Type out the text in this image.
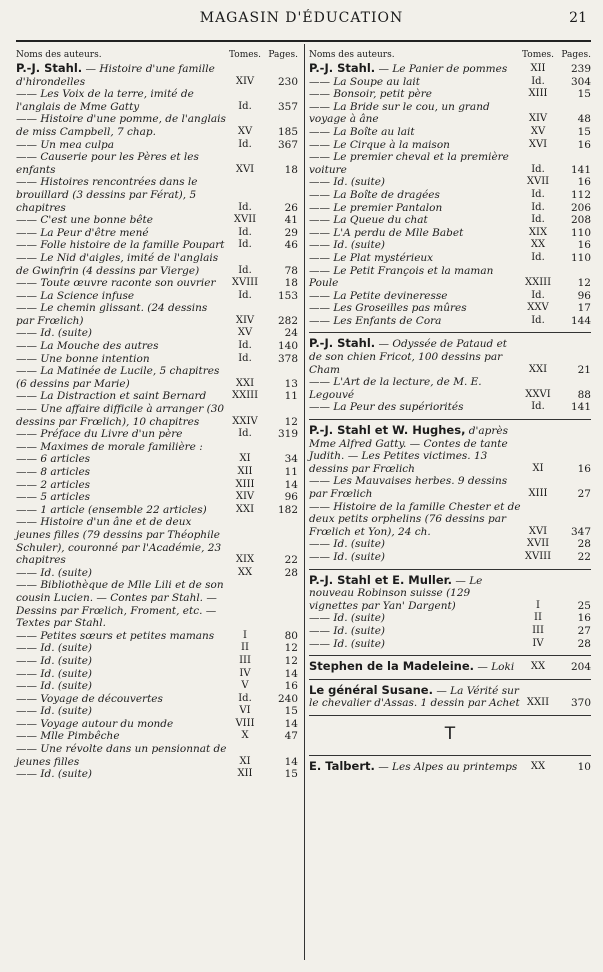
MAGASIN D'ÉDUCATION	21
Noms des auteurs.	Tomes. Pages.
P.-J. Stahl. — Histoire d'une famille d'hirondelles	XIV	230
—— Les Voix de la terre, imité de l'anglais de Mme Gatty	Id.	357
—— Histoire d'une pomme, de l'anglais de miss Campbell, 7 chap.	XV	185
—— Un mea culpa	Id.	367
—— Causerie pour les Pères et les enfants	XVI	18
—— Histoires rencontrées dans le brouillard (3 dessins par Férat), 5 chapitres	Id.	26
—— C'est une bonne bête	XVII	41
—— La Peur d'être mené	Id.	29
—— Folle histoire de la famille Poupart	Id.	46
—— Le Nid d'aigles, imité de l'anglais de Gwinfrin (4 dessins par Vierge)	Id.	78
—— Toute œuvre raconte son ouvrier	XVIII	18
—— La Science infuse	Id.	153
—— Le chemin glissant. (24 dessins par Frœlich)	XIV	282
—— Id. (suite)	XV	24
—— La Mouche des autres	Id.	140
—— Une bonne intention	Id.	378
—— La Matinée de Lucile, 5 chapitres (6 dessins par Marie)	XXI	13
—— La Distraction et saint Bernard	XXIII	11
—— Une affaire difficile à arranger (30 dessins par Frœlich), 10 chapitres	XXIV	12
—— Préface du Livre d'un père	Id.	319
—— Maximes de morale familière :
—— 6 articles	XI	34
—— 8 articles	XII	11
—— 2 articles	XIII	14
—— 5 articles	XIV	96
—— 1 article (ensemble 22 articles)	XXI	182
—— Histoire d'un âne et de deux jeunes filles (79 dessins par Théophile Schuler), couronné par l'Académie, 23 chapitres	XIX	22
—— Id. (suite)	XX	28
—— Bibliothèque de Mlle Lili et de son cousin Lucien. — Contes par Stahl. — Dessins par Frœlich, Froment, etc. — Textes par Stahl.
—— Petites sœurs et petites mamans	I	80
—— Id. (suite)	II	12
—— Id. (suite)	III	12
—— Id. (suite)	IV	14
—— Id. (suite)	V	16
—— Voyage de découvertes	Id.	240
—— Id. (suite)	VI	15
—— Voyage autour du monde	VIII	14
—— Mlle Pimbêche	X	47
—— Une révolte dans un pensionnat de jeunes filles	XI	14
—— Id. (suite)	XII	15
Noms des auteurs.	Tomes. Pages.
P.-J. Stahl. — Le Panier de pommes	XII	239
—— La Soupe au lait	Id.	304
—— Bonsoir, petit père	XIII	15
—— La Bride sur le cou, un grand voyage à âne	XIV	48
—— La Boîte au lait	XV	15
—— Le Cirque à la maison	XVI	16
—— Le premier cheval et la première voiture	Id.	141
—— Id. (suite)	XVII	16
—— La Boîte de dragées	Id.	112
—— Le premier Pantalon	Id.	206
—— La Queue du chat	Id.	208
—— L'A perdu de Mlle Babet	XIX	110
—— Id. (suite)	XX	16
—— Le Plat mystérieux	Id.	110
—— Le Petit François et la maman Poule	XXIII	12
—— La Petite devineresse	Id.	96
—— Les Groseilles pas mûres	XXV	17
—— Les Enfants de Cora	Id.	144
P.-J. Stahl. — Odyssée de Pataud et de son chien Fricot, 100 dessins par Cham	XXI	21
—— L'Art de la lecture, de M. E. Legouvé	XXVI	88
—— La Peur des supériorités	Id.	141
P.-J. Stahl et W. Hughes, d'après Mme Alfred Gatty. — Contes de tante Judith. — Les Petites victimes. 13 dessins par Frœlich	XI	16
—— Les Mauvaises herbes. 9 dessins par Frœlich	XIII	27
—— Histoire de la famille Chester et de deux petits orphelins (76 dessins par Frœlich et Yon), 24 ch.	XVI	347
—— Id. (suite)	XVII	28
—— Id. (suite)	XVIII	22
P.-J. Stahl et E. Muller. — Le nouveau Robinson suisse (129 vignettes par Yan' Dargent)	I	25
—— Id. (suite)	II	16
—— Id. (suite)	III	27
—— Id. (suite)	IV	28
Stephen de la Madeleine. — Loki	XX	204
Le général Susane. — La Vérité sur le chevalier d'Assas. 1 dessin par Achet XXII	370
T
E. Talbert. — Les Alpes au printemps	XX	10
